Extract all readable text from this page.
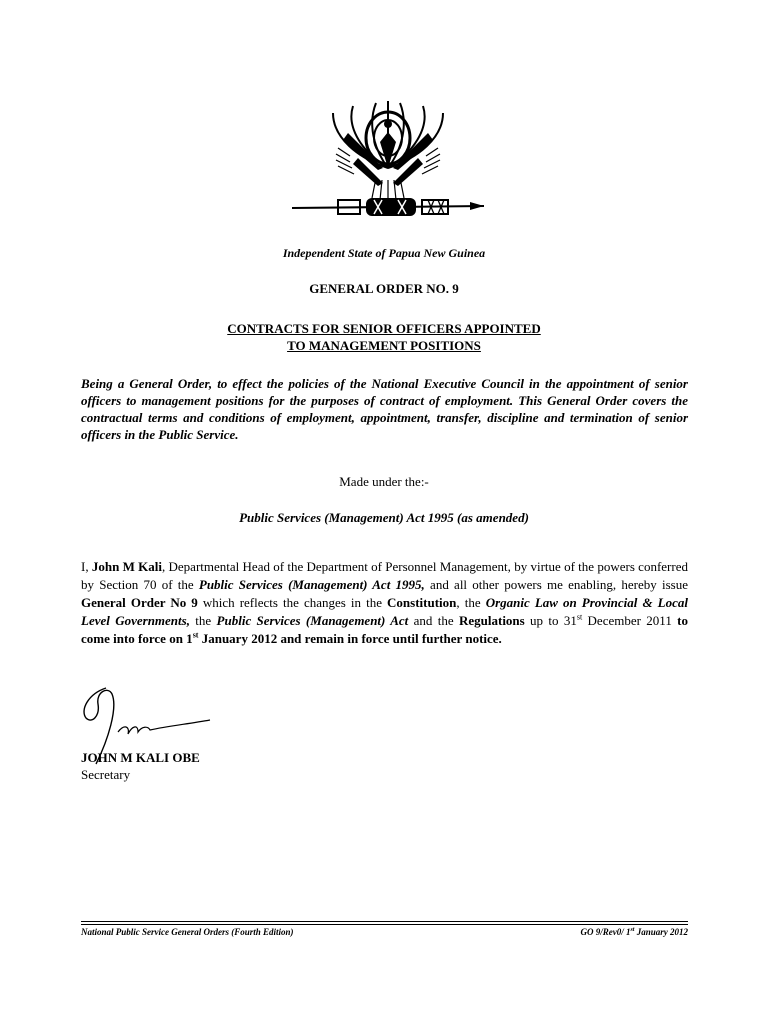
Independent State of Papua New Guinea
GENERAL ORDER NO. 9
CONTRACTS FOR SENIOR OFFICERS APPOINTED
TO MANAGEMENT POSITIONS

Being a General Order, to effect the policies of the National Executive Council in the appointment of senior officers to management positions for the purposes of contract of employment. This General Order covers the contractual terms and conditions of employment, appointment, transfer, discipline and termination of senior officers in the Public Service.

Made under the:-
Public Services (Management) Act 1995 (as amended)

I, John M Kali, Departmental Head of the Department of Personnel Management, by virtue of the powers conferred by Section 70 of the Public Services (Management) Act 1995, and all other powers me enabling, hereby issue General Order No 9 which reflects the changes in the Constitution, the Organic Law on Provincial & Local Level Governments, the Public Services (Management) Act and the Regulations up to 31st December 2011 to come into force on 1st January 2012 and remain in force until further notice.

JOHN M KALI OBE
Secretary
National Public Service General Orders (Fourth Edition)	GO 9/Rev0/ 1st January 2012
